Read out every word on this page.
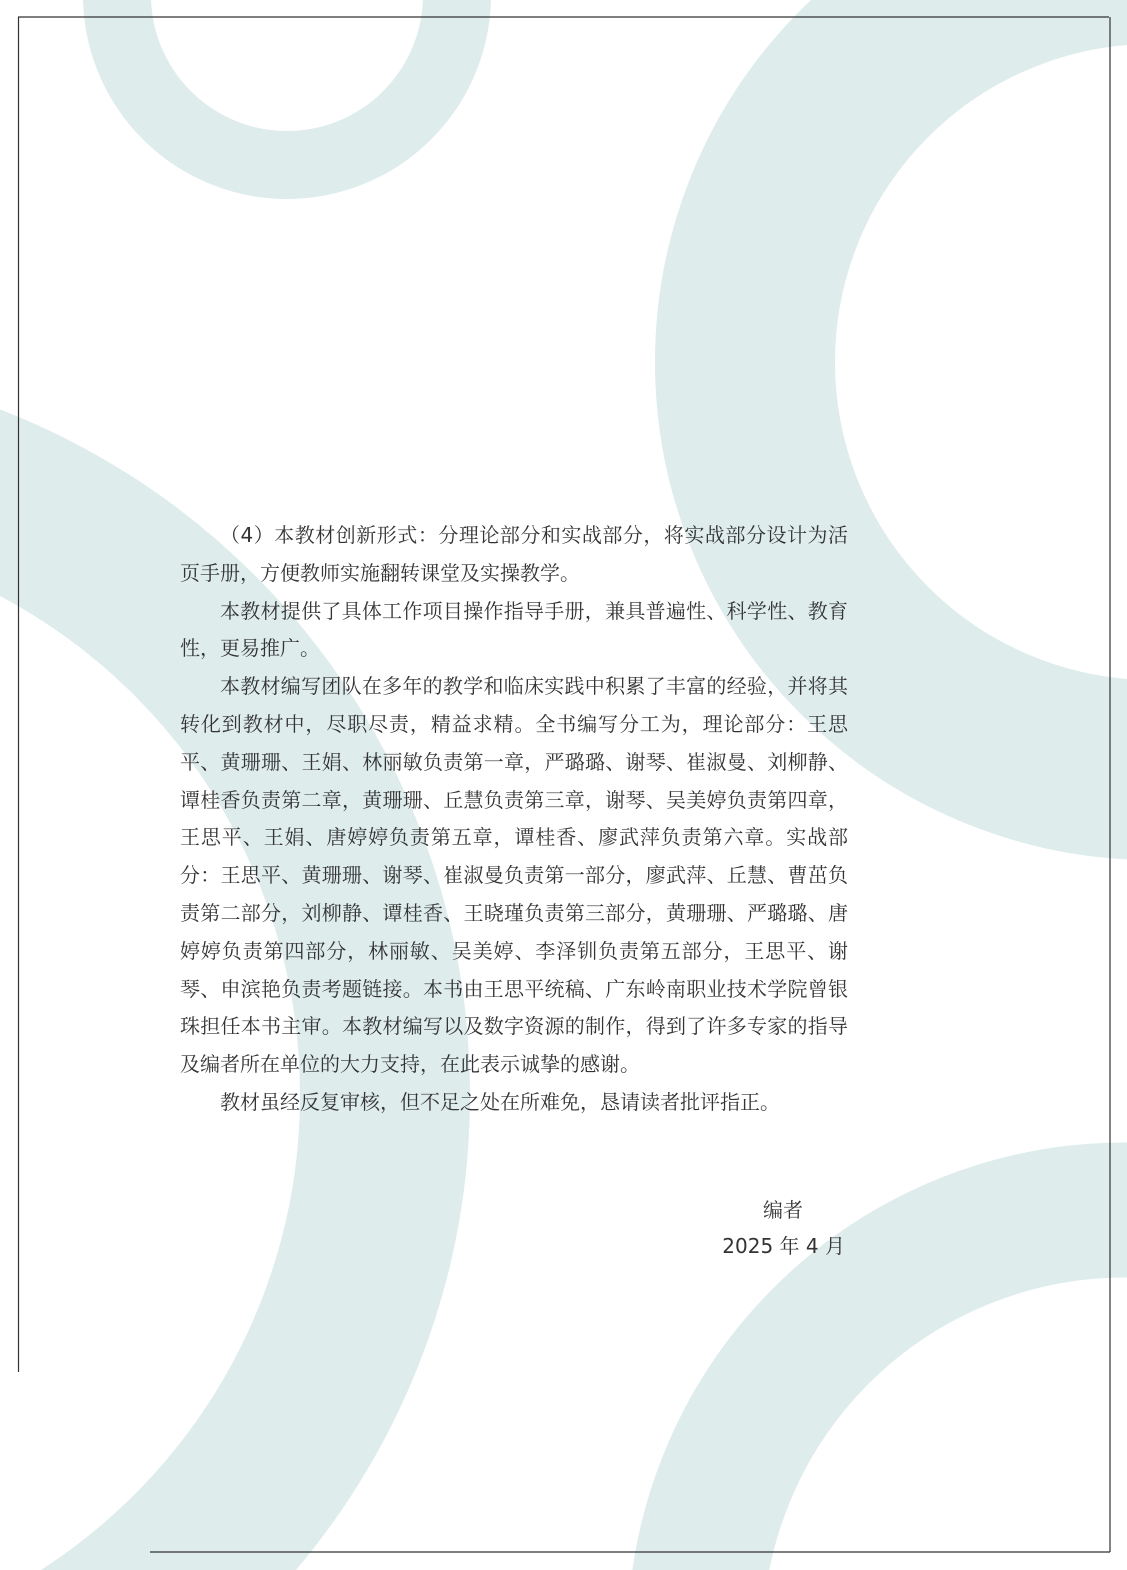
（4）本教材创新形式：分理论部分和实战部分，将实战部分设计为活页手册，方便教师实施翻转课堂及实操教学。

本教材提供了具体工作项目操作指导手册，兼具普遍性、科学性、教育性，更易推广。

本教材编写团队在多年的教学和临床实践中积累了丰富的经验，并将其转化到教材中，尽职尽责，精益求精。全书编写分工为，理论部分：王思平、黄珊珊、王娟、林丽敏负责第一章，严璐璐、谢琴、崔淑曼、刘柳静、谭桂香负责第二章，黄珊珊、丘慧负责第三章，谢琴、吴美婷负责第四章，王思平、王娟、唐婷婷负责第五章，谭桂香、廖武萍负责第六章。实战部分：王思平、黄珊珊、谢琴、崔淑曼负责第一部分，廖武萍、丘慧、曹茁负责第二部分，刘柳静、谭桂香、王晓瑾负责第三部分，黄珊珊、严璐璐、唐婷婷负责第四部分，林丽敏、吴美婷、李泽钏负责第五部分，王思平、谢琴、申滨艳负责考题链接。本书由王思平统稿、广东岭南职业技术学院曾银珠担任本书主审。本教材编写以及数字资源的制作，得到了许多专家的指导及编者所在单位的大力支持，在此表示诚挚的感谢。

教材虽经反复审核，但不足之处在所难免，恳请读者批评指正。

编者
2025 年 4 月
